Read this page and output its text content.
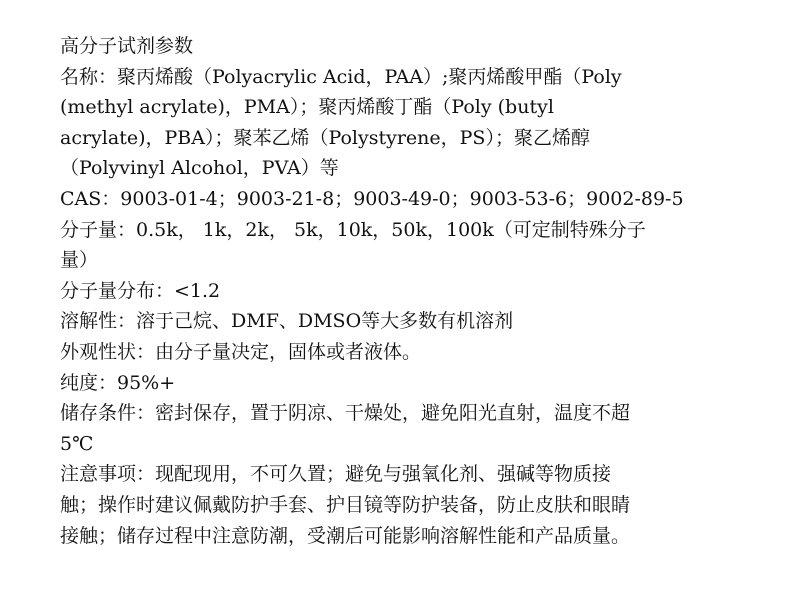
高分子试剂参数
名称：聚丙烯酸（Polyacrylic Acid，PAA）;聚丙烯酸甲酯（Poly
(methyl acrylate)，PMA）；聚丙烯酸丁酯（Poly (butyl
acrylate)，PBA）；聚苯乙烯（Polystyrene，PS）；聚乙烯醇
（Polyvinyl Alcohol，PVA）等
CAS：9003-01-4；9003-21-8；9003-49-0；9003-53-6；9002-89-5
分子量：0.5k， 1k，2k， 5k，10k，50k，100k（可定制特殊分子
量）
分子量分布：<1.2
溶解性：溶于己烷、DMF、DMSO等大多数有机溶剂
外观性状：由分子量决定，固体或者液体。
纯度：95%+
储存条件：密封保存，置于阴凉、干燥处，避免阳光直射，温度不超
5℃
注意事项：现配现用，不可久置；避免与强氧化剂、强碱等物质接
触；操作时建议佩戴防护手套、护目镜等防护装备，防止皮肤和眼睛
接触；储存过程中注意防潮，受潮后可能影响溶解性能和产品质量。
